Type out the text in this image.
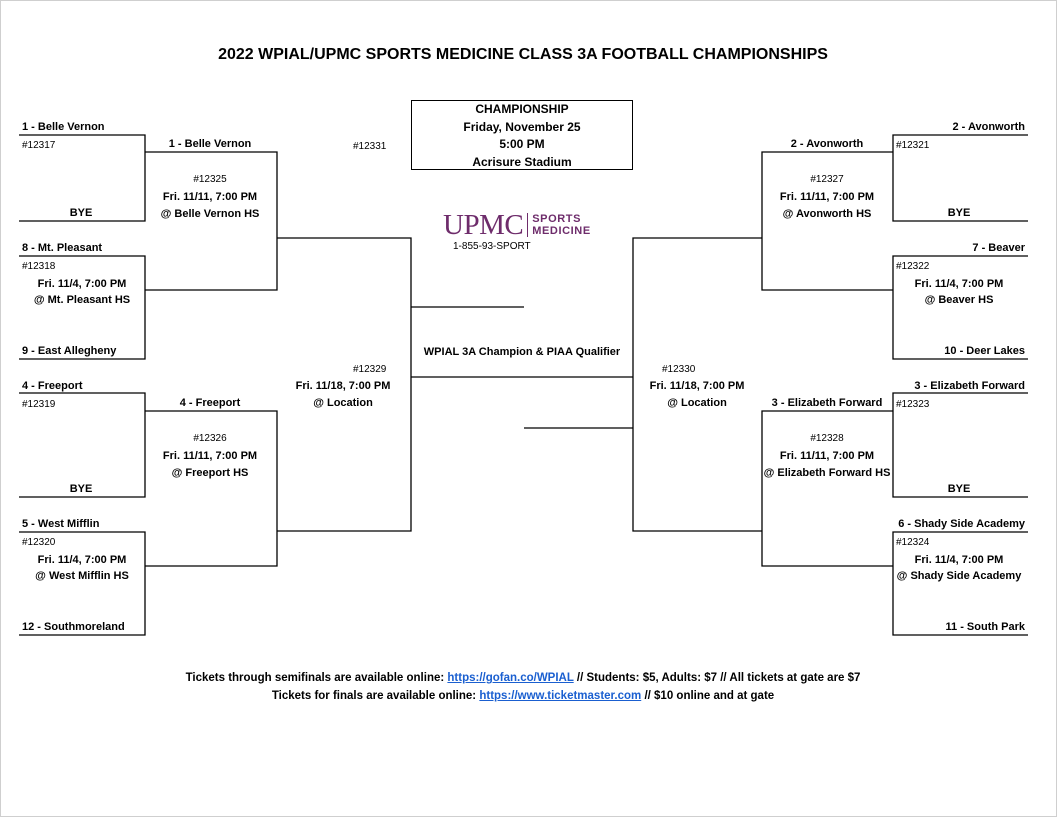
2022 WPIAL/UPMC SPORTS MEDICINE CLASS 3A FOOTBALL CHAMPIONSHIPS
CHAMPIONSHIP
Friday, November 25
5:00 PM
Acrisure Stadium
#12331
WPIAL 3A Champion & PIAA Qualifier
UPMC SPORTS
MEDICINE
1-855-93-SPORT
1 - Belle Vernon
#12317
BYE
8 - Mt. Pleasant
#12318
Fri. 11/4, 7:00 PM
@ Mt. Pleasant HS
9 - East Allegheny
4 - Freeport
#12319
BYE
5 - West Mifflin
#12320
Fri. 11/4, 7:00 PM
@ West Mifflin HS
12 - Southmoreland
1 - Belle Vernon
#12325
Fri. 11/11, 7:00 PM
@ Belle Vernon HS
4 - Freeport
#12326
Fri. 11/11, 7:00 PM
@ Freeport HS
#12329
Fri. 11/18, 7:00 PM
@ Location
#12330
Fri. 11/18, 7:00 PM
@ Location
2 - Avonworth
#12327
Fri. 11/11, 7:00 PM
@ Avonworth HS
3 - Elizabeth Forward
#12328
Fri. 11/11, 7:00 PM
@ Elizabeth Forward HS
2 - Avonworth
#12321
BYE
7 - Beaver
#12322
Fri. 11/4, 7:00 PM
@ Beaver HS
10 - Deer Lakes
3 - Elizabeth Forward
#12323
BYE
6 - Shady Side Academy
#12324
Fri. 11/4, 7:00 PM
@ Shady Side Academy
11 - South Park
Tickets through semifinals are available online: https://gofan.co/WPIAL // Students: $5, Adults: $7 // All tickets at gate are $7
Tickets for finals are available online: https://www.ticketmaster.com // $10 online and at gate
